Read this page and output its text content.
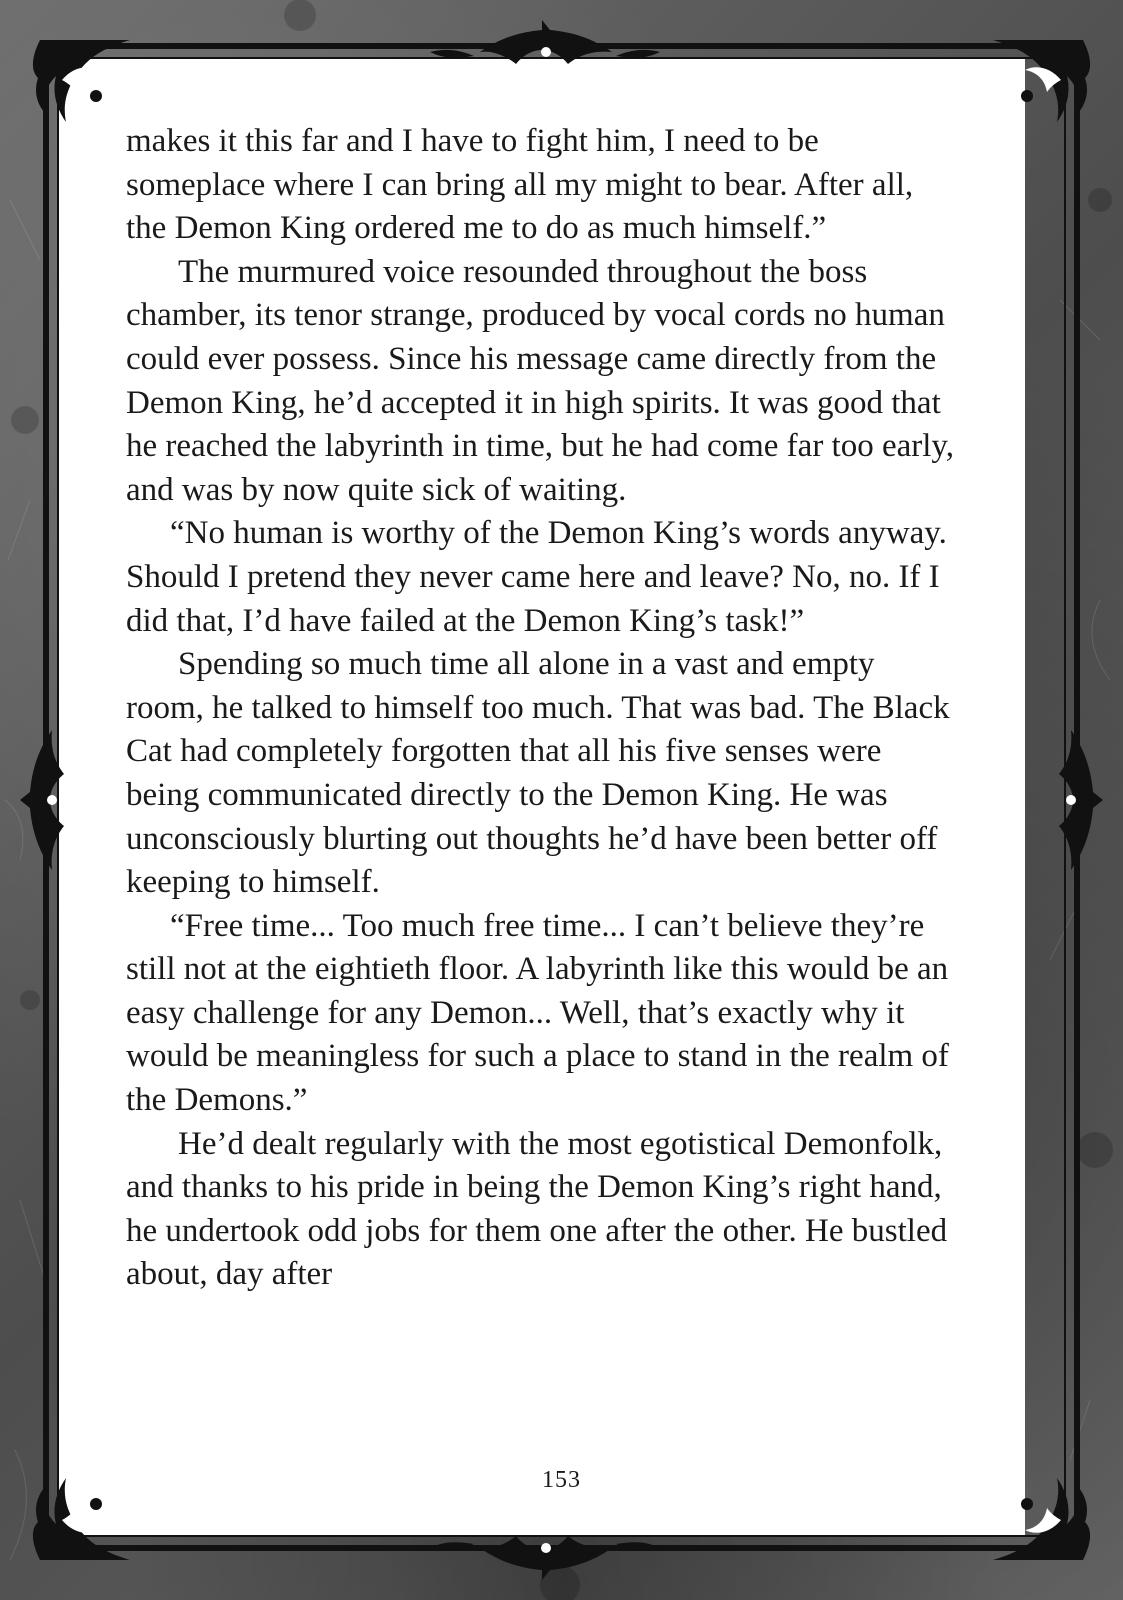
makes it this far and I have to fight him, I need to be someplace where I can bring all my might to bear. After all, the Demon King ordered me to do as much himself.”

The murmured voice resounded throughout the boss chamber, its tenor strange, produced by vocal cords no human could ever possess. Since his message came directly from the Demon King, he’d accepted it in high spirits. It was good that he reached the labyrinth in time, but he had come far too early, and was by now quite sick of waiting.

“No human is worthy of the Demon King’s words anyway. Should I pretend they never came here and leave? No, no. If I did that, I’d have failed at the Demon King’s task!”

Spending so much time all alone in a vast and empty room, he talked to himself too much. That was bad. The Black Cat had completely forgotten that all his five senses were being communicated directly to the Demon King. He was unconsciously blurting out thoughts he’d have been better off keeping to himself.

“Free time... Too much free time... I can’t believe they’re still not at the eightieth floor. A labyrinth like this would be an easy challenge for any Demon... Well, that’s exactly why it would be meaningless for such a place to stand in the realm of the Demons.”

He’d dealt regularly with the most egotistical Demonfolk, and thanks to his pride in being the Demon King’s right hand, he undertook odd jobs for them one after the other. He bustled about, day after

153
